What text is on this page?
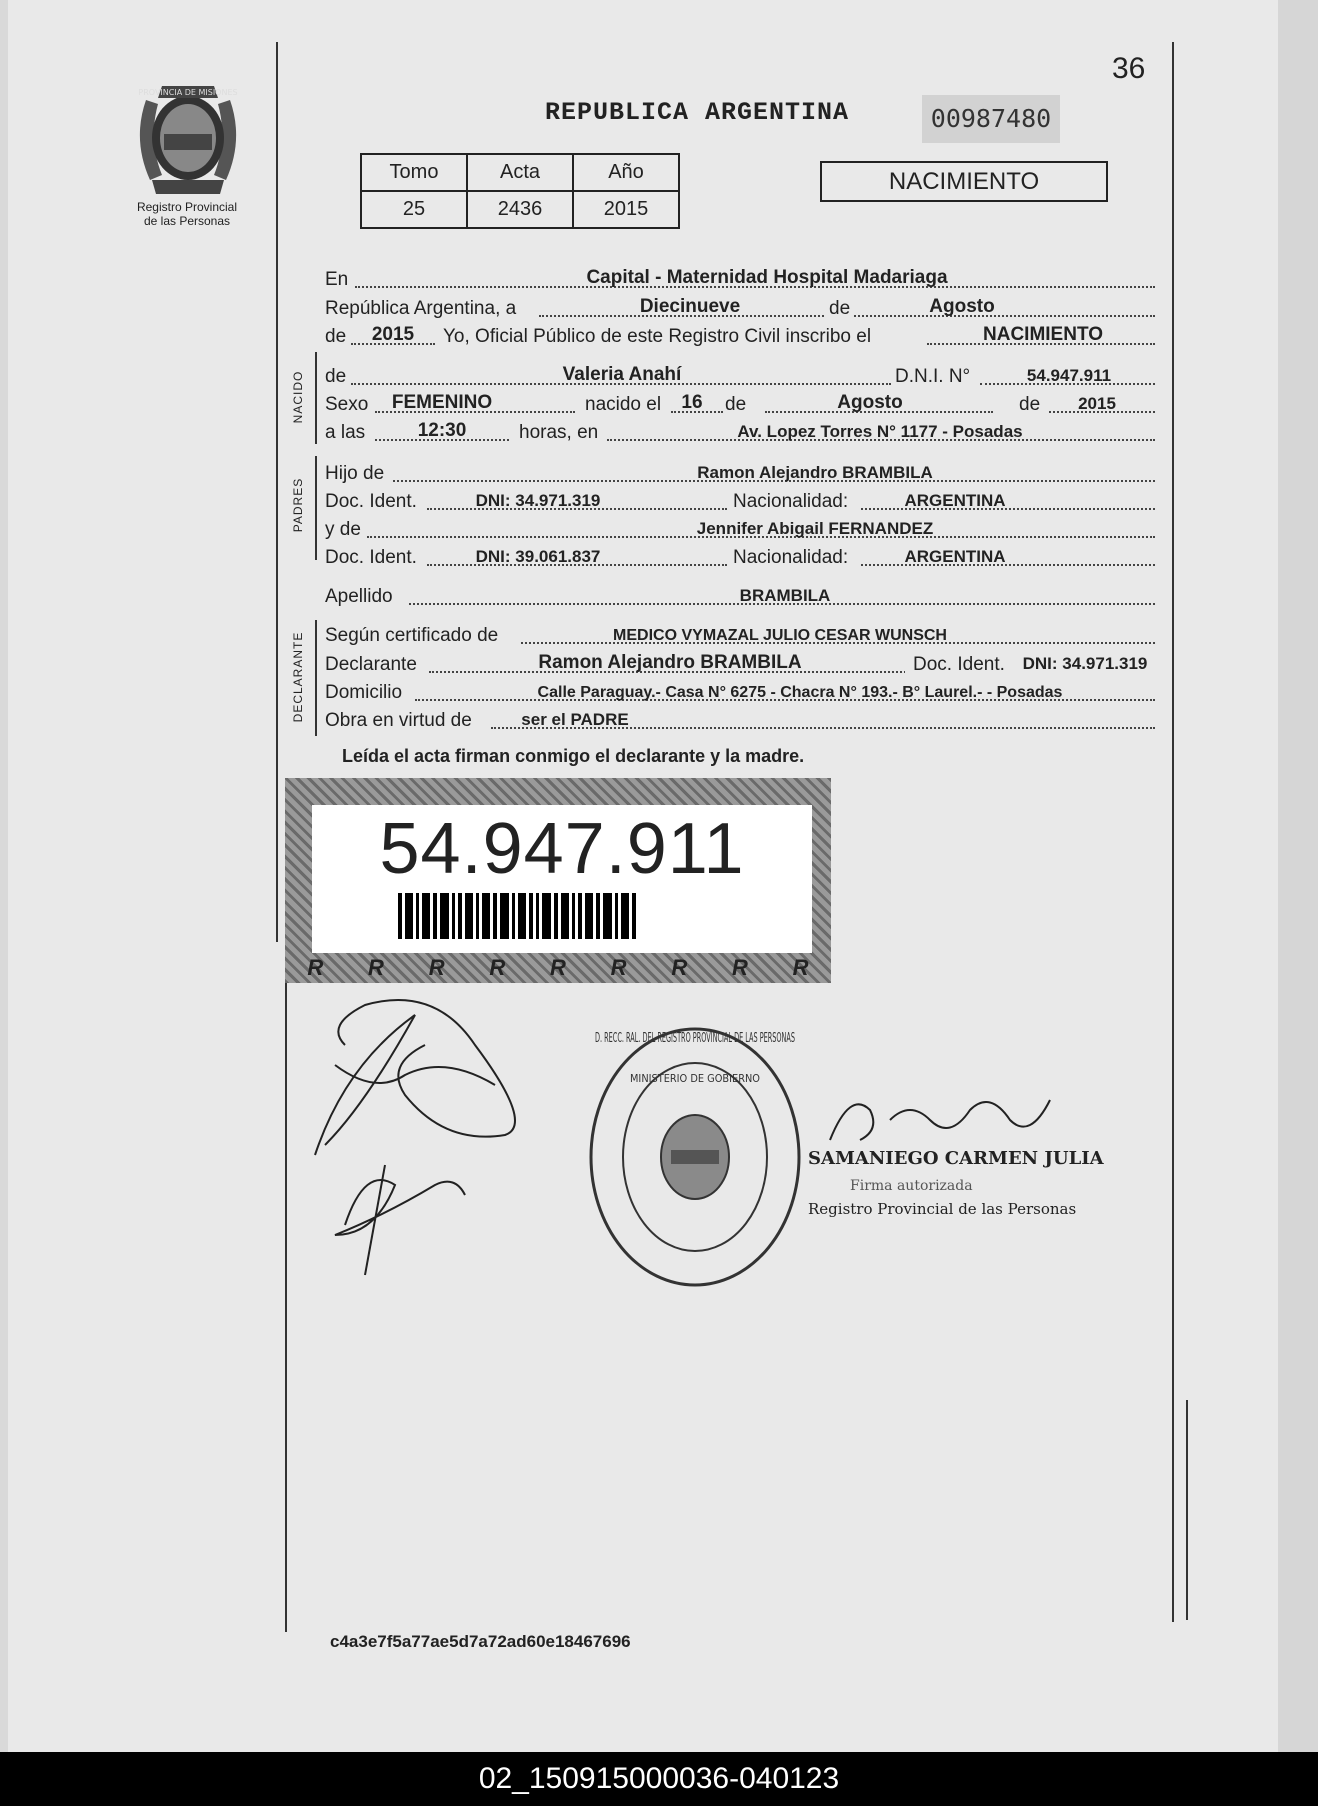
PROVINCIA DE MISIONES
Registro Provincial
de las Personas
36
REPUBLICA ARGENTINA	00987480
Tomo	Acta	Año
25	2436	2015
NACIMIENTO
En	Capital - Maternidad Hospital Madariaga
República Argentina, a	Diecinueve	de	Agosto
de 2015 Yo, Oficial Público de este Registro Civil inscribo el	NACIMIENTO
NACIDO de	Valeria Anahí	D.N.I. N°	54.947.911
Sexo FEMENINO	nacido el 16 de	Agosto	de 2015
a las	12:30	horas, en	Av. Lopez Torres N° 1177 - Posadas
PADRES
Hijo de	Ramon Alejandro BRAMBILA
Doc. Ident.	DNI: 34.971.319	Nacionalidad:	ARGENTINA
y de	Jennifer Abigail FERNANDEZ
Doc. Ident.	DNI: 39.061.837	Nacionalidad:	ARGENTINA
Apellido	BRAMBILA
DECLARANTE Según certificado de	MEDICO VYMAZAL JULIO CESAR WUNSCH
Declarante	Ramon Alejandro BRAMBILA	Doc. Ident. DNI: 34.971.319
Domicilio	Calle Paraguay.- Casa N° 6275 - Chacra N° 193.- B° Laurel.- - Posadas
Obra en virtud de	ser el PADRE
Leída el acta firman conmigo el declarante y la madre.
54.947.911
R R R R R R R R R
D. RECC. RAL. DEL REGISTRO PROVINCIAL DE LAS PERSONAS
MINISTERIO DE GOBIERNO
SAMANIEGO CARMEN JULIA
Firma autorizada
Registro Provincial de las Personas
c4a3e7f5a77ae5d7a72ad60e18467696
02_150915000036-040123
